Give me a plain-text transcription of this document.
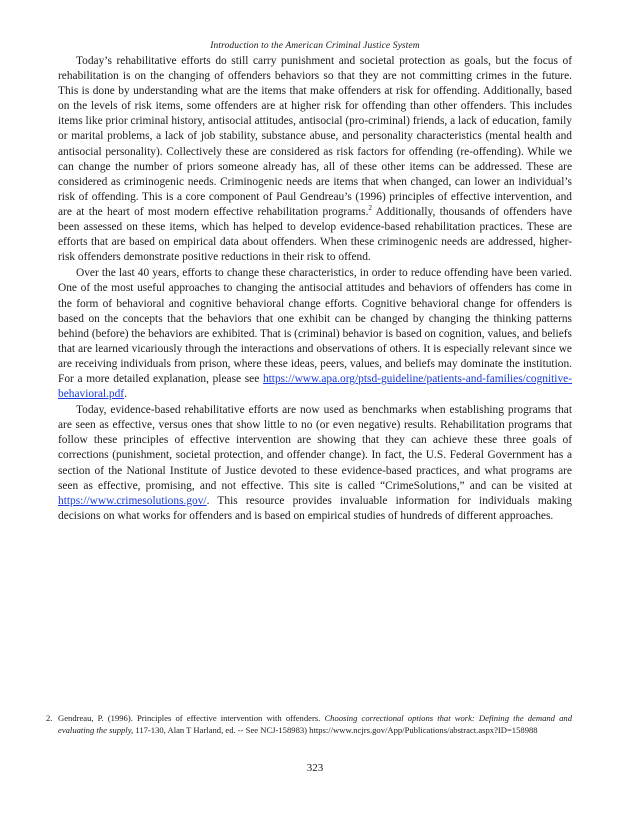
Introduction to the American Criminal Justice System

Today’s rehabilitative efforts do still carry punishment and societal protection as goals, but the focus of rehabilitation is on the changing of offenders behaviors so that they are not committing crimes in the future. This is done by understanding what are the items that make offenders at risk for offending. Additionally, based on the levels of risk items, some offenders are at higher risk for offending than other offenders. This includes items like prior criminal history, antisocial attitudes, antisocial (pro-criminal) friends, a lack of education, family or marital problems, a lack of job stability, substance abuse, and personality characteristics (mental health and antisocial personality). Collectively these are considered as risk factors for offending (re-offending). While we can change the number of priors someone already has, all of these other items can be addressed. These are considered as criminogenic needs. Criminogenic needs are items that when changed, can lower an individual’s risk of offending. This is a core component of Paul Gendreau’s (1996) principles of effective intervention, and are at the heart of most modern effective rehabilitation programs.$^2$ Additionally, thousands of offenders have been assessed on these items, which has helped to develop evidence-based rehabilitation practices. These are efforts that are based on empirical data about offenders. When these criminogenic needs are addressed, higher-risk offenders demonstrate positive reductions in their risk to offend.

Over the last 40 years, efforts to change these characteristics, in order to reduce offending have been varied. One of the most useful approaches to changing the antisocial attitudes and behaviors of offenders has come in the form of behavioral and cognitive behavioral change efforts. Cognitive behavioral change for offenders is based on the concepts that the behaviors that one exhibit can be changed by changing the thinking patterns behind (before) the behaviors are exhibited. That is (criminal) behavior is based on cognition, values, and beliefs that are learned vicariously through the interactions and observations of others. It is especially relevant since we are receiving individuals from prison, where these ideas, peers, values, and beliefs may dominate the institution. For a more detailed explanation, please see https://www.apa.org/ptsd-guideline/patients-and-families/cognitive-behavioral.pdf.

Today, evidence-based rehabilitative efforts are now used as benchmarks when establishing programs that are seen as effective, versus ones that show little to no (or even negative) results. Rehabilitation programs that follow these principles of effective intervention are showing that they can achieve these three goals of corrections (punishment, societal protection, and offender change). In fact, the U.S. Federal Government has a section of the National Institute of Justice devoted to these evidence-based practices, and what programs are seen as effective, promising, and not effective. This site is called “CrimeSolutions,” and can be visited at https://www.crimesolutions.gov/. This resource provides invaluable information for individuals making decisions on what works for offenders and is based on empirical studies of hundreds of different approaches.

2. Gendreau, P. (1996). Principles of effective intervention with offenders. Choosing correctional options that work: Defining the demand and evaluating the supply, 117-130, Alan T Harland, ed. -- See NCJ-158983) https://www.ncjrs.gov/App/Publications/abstract.aspx?ID=158988
323
